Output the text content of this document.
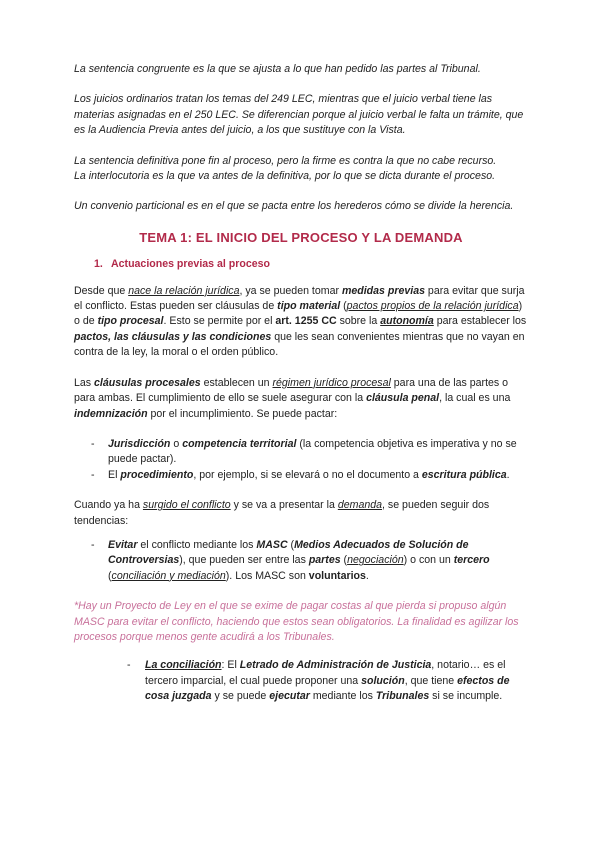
La sentencia congruente es la que se ajusta a lo que han pedido las partes al Tribunal.

Los juicios ordinarios tratan los temas del 249 LEC, mientras que el juicio verbal tiene las materias asignadas en el 250 LEC. Se diferencian porque al juicio verbal le falta un trámite, que es la Audiencia Previa antes del juicio, a los que sustituye con la Vista.

La sentencia definitiva pone fin al proceso, pero la firme es contra la que no cabe recurso.

La interlocutoria es la que va antes de la definitiva, por lo que se dicta durante el proceso.

Un convenio particional es en el que se pacta entre los herederos cómo se divide la herencia.

TEMA 1: EL INICIO DEL PROCESO Y LA DEMANDA
1. Actuaciones previas al proceso

Desde que nace la relación jurídica, ya se pueden tomar medidas previas para evitar que surja el conflicto. Estas pueden ser cláusulas de tipo material (pactos propios de la relación jurídica) o de tipo procesal. Esto se permite por el art. 1255 CC sobre la autonomía para establecer los pactos, las cláusulas y las condiciones que les sean convenientes mientras que no vayan en contra de la ley, la moral o el orden público.

Las cláusulas procesales establecen un régimen jurídico procesal para una de las partes o para ambas. El cumplimiento de ello se suele asegurar con la cláusula penal, la cual es una indemnización por el incumplimiento. Se puede pactar:

- Jurisdicción o competencia territorial (la competencia objetiva es imperativa y no se puede pactar).
- El procedimiento, por ejemplo, si se elevará o no el documento a escritura pública.

Cuando ya ha surgido el conflicto y se va a presentar la demanda, se pueden seguir dos tendencias:

- Evitar el conflicto mediante los MASC (Medios Adecuados de Solución de Controversias), que pueden ser entre las partes (negociación) o con un tercero (conciliación y mediación). Los MASC son voluntarios.

*Hay un Proyecto de Ley en el que se exime de pagar costas al que pierda si propuso algún MASC para evitar el conflicto, haciendo que estos sean obligatorios. La finalidad es agilizar los procesos porque menos gente acudirá a los Tribunales.

- La conciliación: El Letrado de Administración de Justicia, notario… es el tercero imparcial, el cual puede proponer una solución, que tiene efectos de cosa juzgada y se puede ejecutar mediante los Tribunales si se incumple.
